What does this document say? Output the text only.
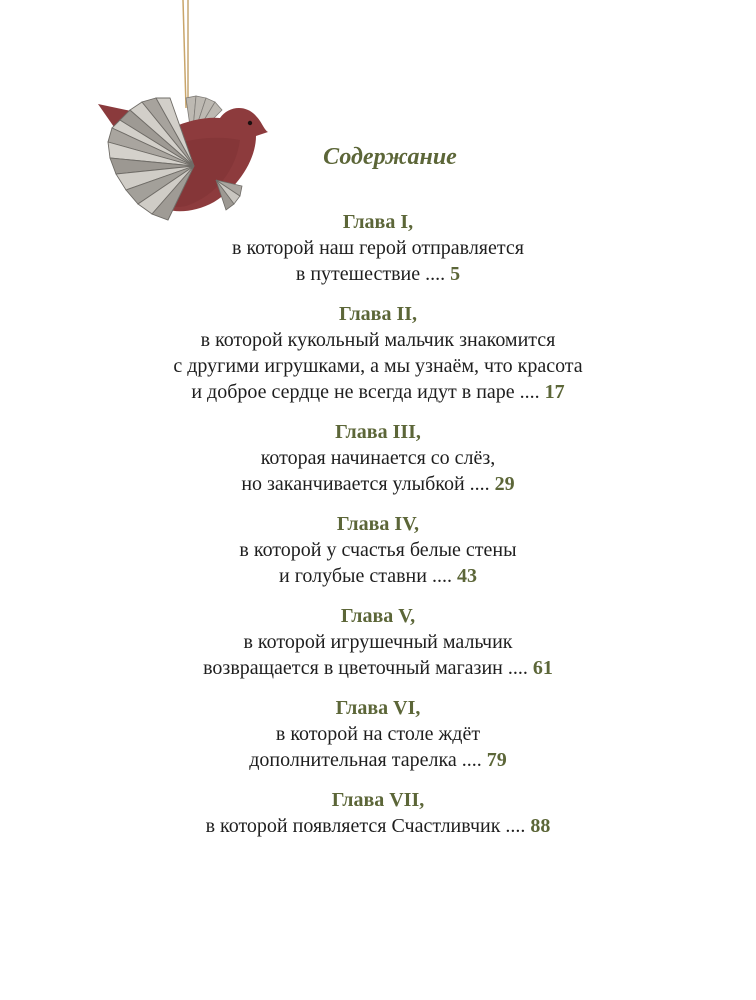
Содержание
Глава I,
в которой наш герой отправляется
в путешествие .... 5
Глава II,
в которой кукольный мальчик знакомится
с другими игрушками, а мы узнаём, что красота
и доброе сердце не всегда идут в паре .... 17
Глава III,
которая начинается со слёз,
но заканчивается улыбкой .... 29
Глава IV,
в которой у счастья белые стены
и голубые ставни .... 43
Глава V,
в которой игрушечный мальчик
возвращается в цветочный магазин .... 61
Глава VI,
в которой на столе ждёт
дополнительная тарелка .... 79
Глава VII,
в которой появляется Счастливчик .... 88
